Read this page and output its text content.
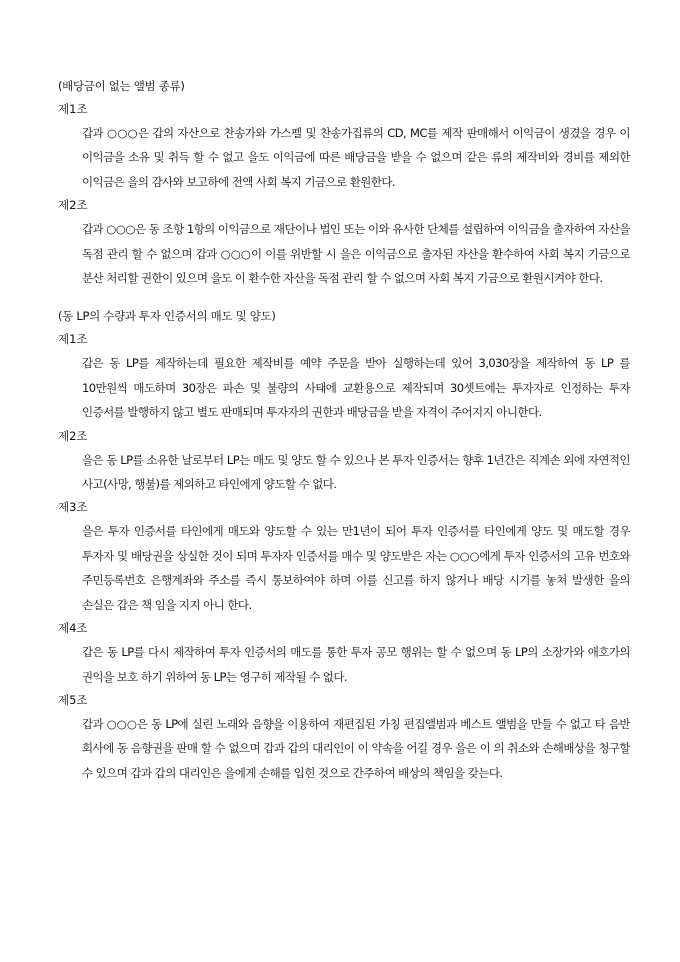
(배당금이 없는 앨범 종류)
제1조
갑과 ○○○은 갑의 자산으로 찬송가와 가스펠 및 찬송가집류의 CD, MC를 제작 판매해서 이익금이 생겼을 경우 이 이익금을 소유 및 취득 할 수 없고 을도 이익금에 따른 배당금을 받을 수 없으며 같은 류의 제작비와 경비를 제외한 이익금은 을의 감사와 보고하에 전액 사회 복지 기금으로 환원한다.
제2조
갑과 ○○○은 동 조항 1항의 이익금으로 재단이나 법인 또는 이와 유사한 단체를 설립하여 이익금을 출자하여 자산을 독점 관리 할 수 없으며 갑과 ○○○이 이를 위반할 시 을은 이익금으로 출자된 자산을 환수하여 사회 복지 기금으로 분산 처리할 권한이 있으며 을도 이 환수한 자산을 독점 관리 할 수 없으며 사회 복지 기금으로 환원시켜야 한다.
(동 LP의 수량과 투자 인증서의 매도 및 양도)
제1조
갑은 동 LP를 제작하는데 필요한 제작비를 예약 주문을 받아 실행하는데 있어 3,030장을 제작하여 동 LP 를 10만원씩 매도하며 30장은 파손 및 불량의 사태에 교환용으로 제작되며 30셋트에는 투자자로 인정하는 투자 인증서를 발행하지 않고 별도 판매되며 투자자의 권한과 배당금을 받을 자격이 주어지지 아니한다.
제2조
을은 동 LP를 소유한 날로부터 LP는 매도 및 양도 할 수 있으나 본 투자 인증서는 향후 1년간은 직계손 외에 자연적인 사고(사망, 행불)를 제외하고 타인에게 양도할 수 없다.
제3조
을은 투자 인증서를 타인에게 매도와 양도할 수 있는 만1년이 되어 투자 인증서를 타인에게 양도 및 매도할 경우 투자자 및 배당권을 상실한 것이 되며 투자자 인증서를 매수 및 양도받은 자는 ○○○에게 투자 인증서의 고유 번호와 주민등록번호 은행계좌와 주소를 즉시 통보하여야 하며 이를 신고를 하지 않거나 배당 시기를 놓쳐 발생한 을의 손실은 갑은 책 임을 지지 아니 한다.
제4조
갑은 동 LP를 다시 제작하여 투자 인증서의 매도를 통한 투자 공모 행위는 할 수 없으며 동 LP의 소장가와 애호가의 권익을 보호 하기 위하여 동 LP는 영구히 제작될 수 없다.
제5조
갑과 ○○○은 동 LP에 실린 노래와 음향을 이용하여 재편집된 가칭 편집앨범과 베스트 앨범을 만들 수 없고 타 음반 회사에 동 음향권을 판매 할 수 없으며 갑과 갑의 대리인이 이 약속을 어길 경우 을은 이 의 취소와 손해배상을 청구할 수 있으며 갑과 갑의 대리인은 을에게 손해를 입힌 것으로 간주하여 배상의 책임을 갖는다.
